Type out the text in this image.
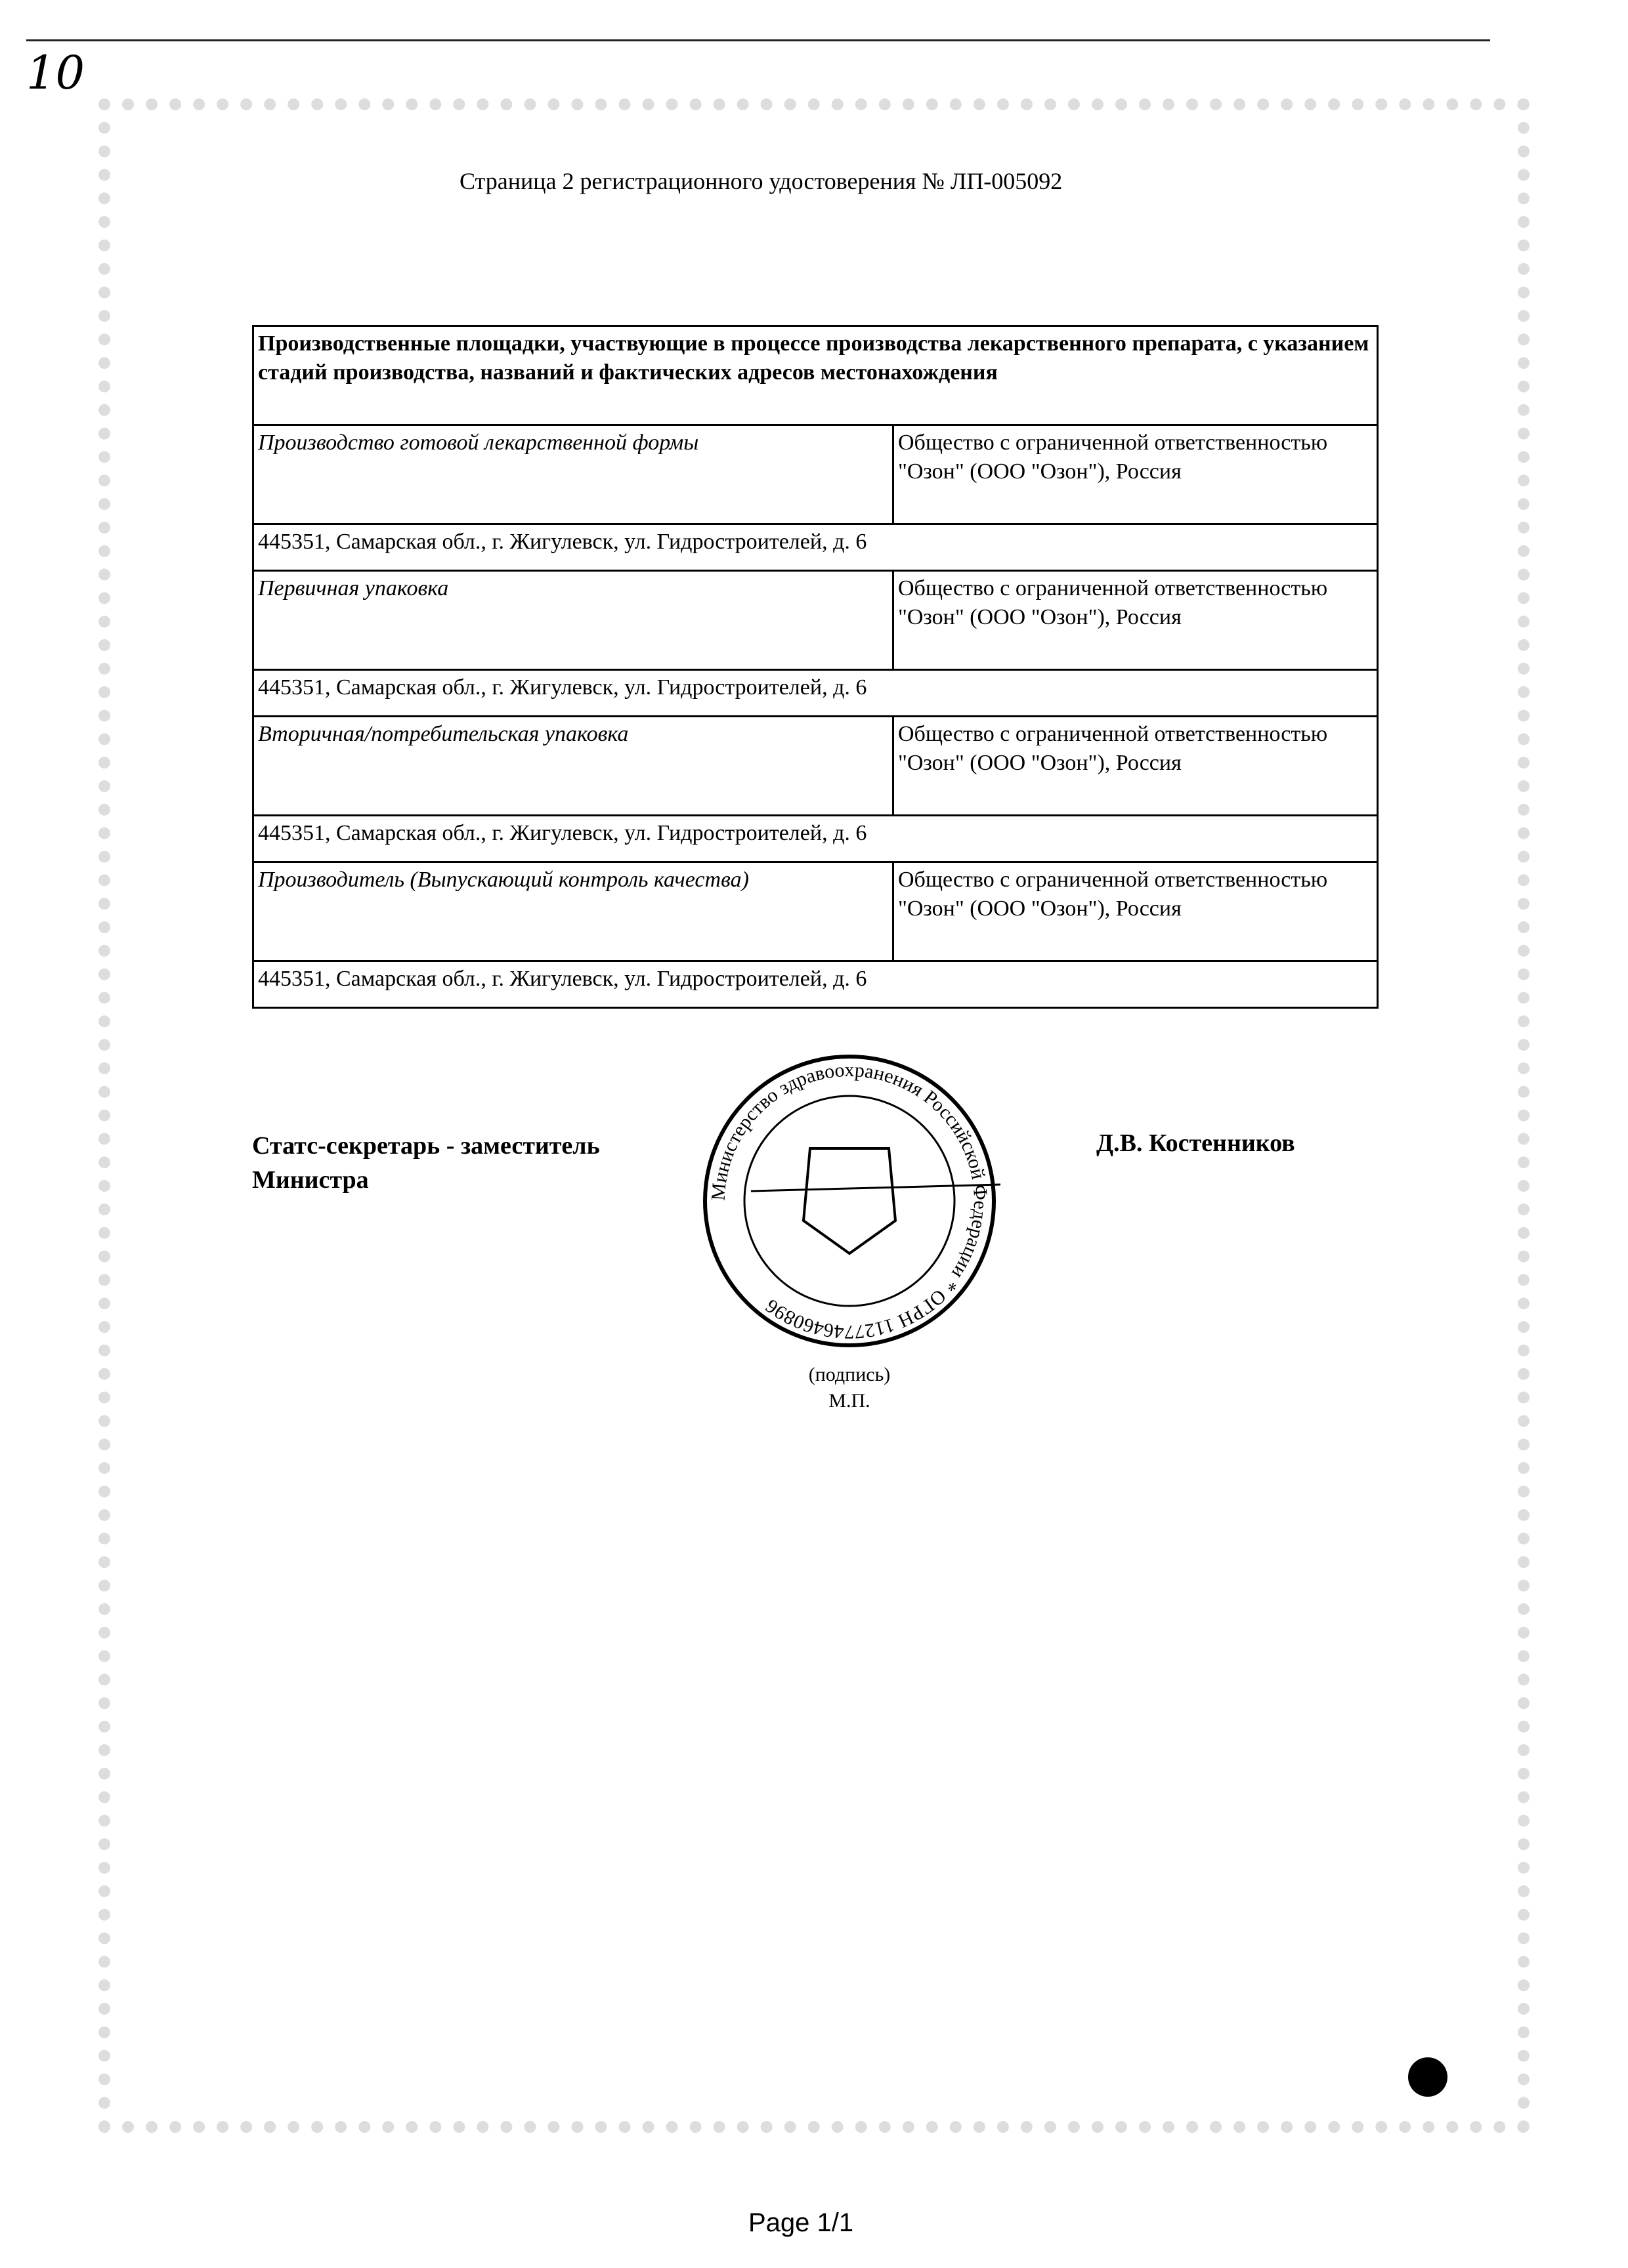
10
Страница 2 регистрационного удостоверения № ЛП-005092
Производственные площадки, участвующие в процессе производства лекарственного препарата, с указанием стадий производства, названий и фактических адресов местонахождения	
Производство готовой лекарственной формы	Общество с ограниченной ответственностью "Озон" (ООО "Озон"), Россия
445351, Самарская обл., г. Жигулевск, ул. Гидростроителей, д. 6	
Первичная упаковка	Общество с ограниченной ответственностью "Озон" (ООО "Озон"), Россия
445351, Самарская обл., г. Жигулевск, ул. Гидростроителей, д. 6	
Вторичная/потребительская упаковка	Общество с ограниченной ответственностью "Озон" (ООО "Озон"), Россия
445351, Самарская обл., г. Жигулевск, ул. Гидростроителей, д. 6	
Производитель (Выпускающий контроль качества)	Общество с ограниченной ответственностью "Озон" (ООО "Озон"), Россия
445351, Самарская обл., г. Жигулевск, ул. Гидростроителей, д. 6	
Статс-секретарь - заместитель
Министра
Д.В. Костенников
Министерство здравоохранения Российской Федерации * ОГРН 1127746460896
(подпись)
М.П.
Page 1/1
